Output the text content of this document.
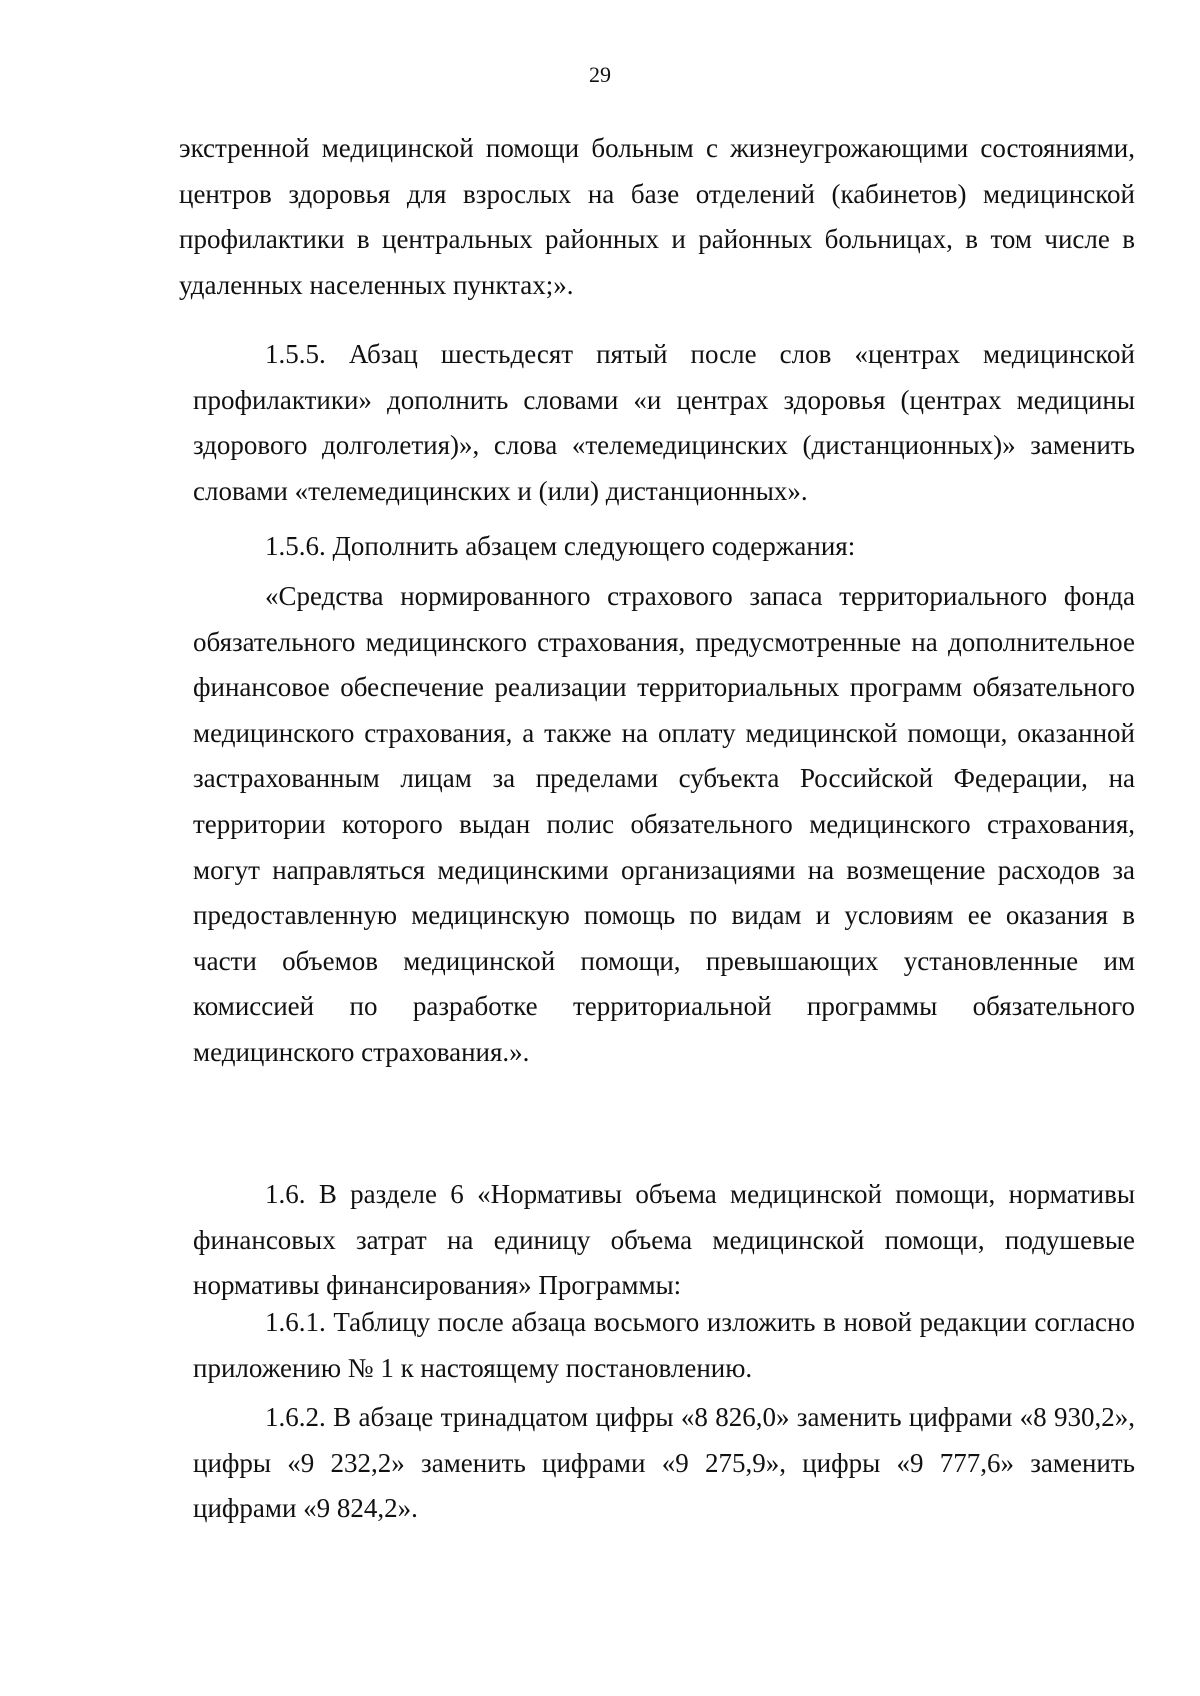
29

экстренной медицинской помощи больным с жизнеугрожающими состояниями, центров здоровья для взрослых на базе отделений (кабинетов) медицинской профилактики в центральных районных и районных больницах, в том числе в удаленных населенных пунктах;».

1.5.5. Абзац шестьдесят пятый после слов «центрах медицинской профилактики» дополнить словами «и центрах здоровья (центрах медицины здорового долголетия)», слова «телемедицинских (дистанционных)» заменить словами «телемедицинских и (или) дистанционных».

1.5.6. Дополнить абзацем следующего содержания:

«Средства нормированного страхового запаса территориального фонда обязательного медицинского страхования, предусмотренные на дополнительное финансовое обеспечение реализации территориальных программ обязательного медицинского страхования, а также на оплату медицинской помощи, оказанной застрахованным лицам за пределами субъекта Российской Федерации, на территории которого выдан полис обязательного медицинского страхования, могут направляться медицинскими организациями на возмещение расходов за предоставленную медицинскую помощь по видам и условиям ее оказания в части объемов медицинской помощи, превышающих установленные им комиссией по разработке территориальной программы обязательного медицинского страхования.».

1.6. В разделе 6 «Нормативы объема медицинской помощи, нормативы финансовых затрат на единицу объема медицинской помощи, подушевые нормативы финансирования» Программы:

1.6.1. Таблицу после абзаца восьмого изложить в новой редакции согласно приложению № 1 к настоящему постановлению.

1.6.2. В абзаце тринадцатом цифры «8 826,0» заменить цифрами «8 930,2», цифры «9 232,2» заменить цифрами «9 275,9», цифры «9 777,6» заменить цифрами «9 824,2».
